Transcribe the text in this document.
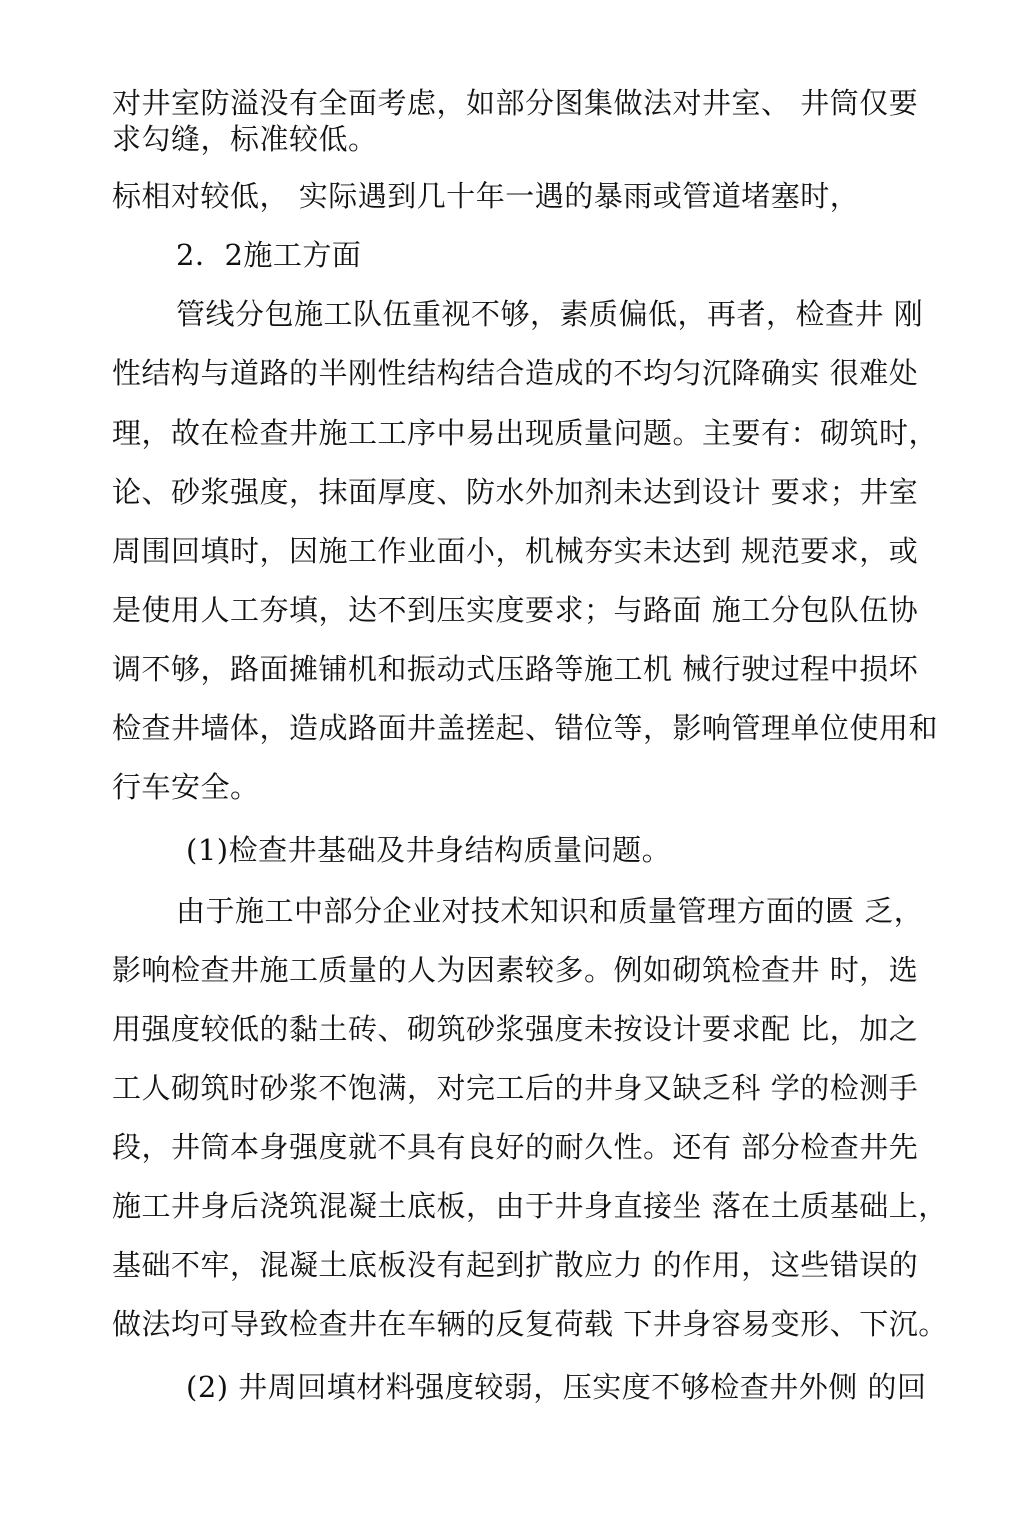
对井室防溢没有全面考虑，如部分图集做法对井室、 井筒仅要
求勾缝，标准较低。
标相对较低， 实际遇到几十年一遇的暴雨或管道堵塞时，
2．2施工方面
管线分包施工队伍重视不够，素质偏低，再者，检查井 刚
性结构与道路的半刚性结构结合造成的不均匀沉降确实 很难处
理，故在检查井施工工序中易出现质量问题。主要有：砌筑时，
论、砂浆强度，抹面厚度、防水外加剂未达到设计 要求；井室
周围回填时，因施工作业面小，机械夯实未达到 规范要求，或
是使用人工夯填，达不到压实度要求；与路面 施工分包队伍协
调不够，路面摊铺机和振动式压路等施工机 械行驶过程中损坏
检查井墙体，造成路面井盖搓起、错位等，影响管理单位使用和
行车安全。
(1)检查井基础及井身结构质量问题。
由于施工中部分企业对技术知识和质量管理方面的匮 乏，
影响检查井施工质量的人为因素较多。例如砌筑检查井 时，选
用强度较低的黏土砖、砌筑砂浆强度未按设计要求配 比，加之
工人砌筑时砂浆不饱满，对完工后的井身又缺乏科 学的检测手
段，井筒本身强度就不具有良好的耐久性。还有 部分检查井先
施工井身后浇筑混凝土底板，由于井身直接坐 落在土质基础上，
基础不牢，混凝土底板没有起到扩散应力 的作用，这些错误的
做法均可导致检查井在车辆的反复荷载 下井身容易变形、下沉。
(2) 井周回填材料强度较弱，压实度不够检查井外侧 的回
